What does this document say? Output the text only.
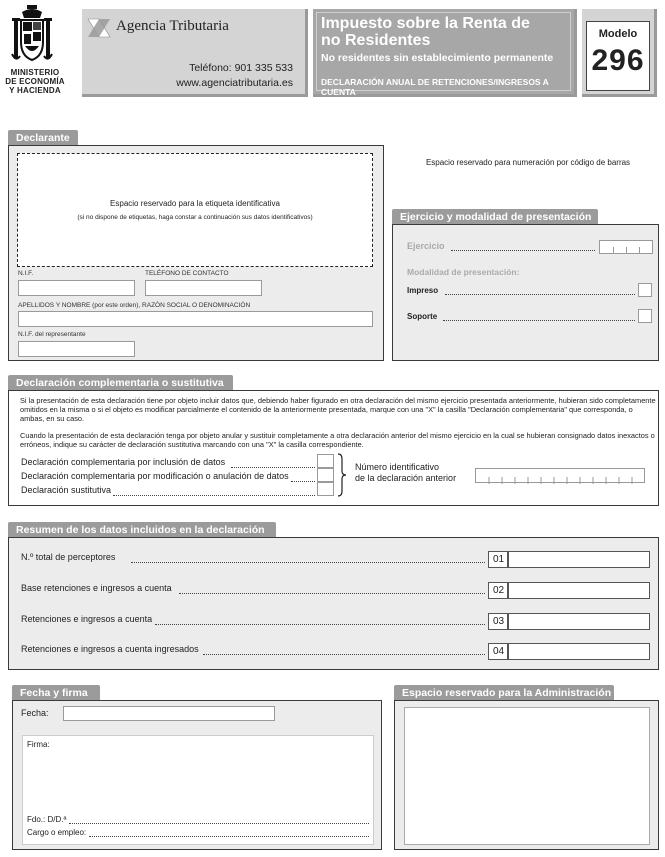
MINISTERIO
DE ECONOMÍA
Y HACIENDA
Agencia Tributaria
Teléfono: 901 335 533
www.agenciatributaria.es
Impuesto sobre la Renta de
no Residentes
No residentes sin establecimiento permanente
DECLARACIÓN ANUAL DE RETENCIONES/INGRESOS A CUENTA
Modelo
296
Declarante
Espacio reservado para la etiqueta identificativa
(si no dispone de etiquetas, haga constar a continuación sus datos identificativos)
N.I.F.	TELÉFONO DE CONTACTO
APELLIDOS Y NOMBRE (por este orden), RAZÓN SOCIAL O DENOMINACIÓN
N.I.F. del representante
Espacio reservado para numeración por código de barras
Ejercicio y modalidad de presentación
Ejercicio
Modalidad de presentación:
Impreso
Soporte
Declaración complementaria o sustitutiva
Si la presentación de esta declaración tiene por objeto incluir datos que, debiendo haber figurado en otra declaración del mismo ejercicio presentada anteriormente, hubieran sido completamente omitidos en la misma o si el objeto es modificar parcialmente el contenido de la anteriormente presentada, marque con una "X" la casilla "Declaración complementaria" que corresponda, o ambas, en su caso.
Cuando la presentación de esta declaración tenga por objeto anular y sustituir completamente a otra declaración anterior del mismo ejercicio en la cual se hubieran consignado datos inexactos o erróneos, indique su carácter de declaración sustitutiva marcando con una "X" la casilla correspondiente.
Declaración complementaria por inclusión de datos
Declaración complementaria por modificación o anulación de datos
Declaración sustitutiva
Número identificativo
de la declaración anterior
Resumen de los datos incluidos en la declaración
N.º total de perceptores	01
Base retenciones e ingresos a cuenta	02
Retenciones e ingresos a cuenta	03
Retenciones e ingresos a cuenta ingresados	04
Fecha y firma
Fecha:
Firma:
Fdo.: D/D.ª
Cargo o empleo:
Espacio reservado para la Administración
